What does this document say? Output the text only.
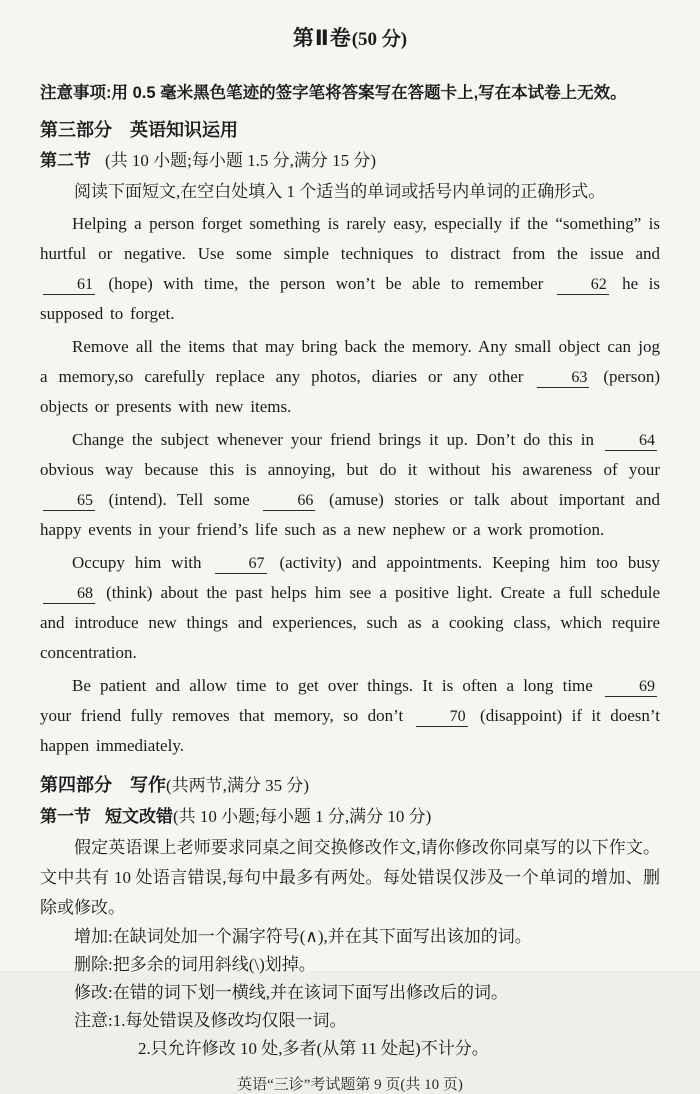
第Ⅱ卷(50 分)
注意事项:用 0.5 毫米黑色笔迹的签字笔将答案写在答题卡上,写在本试卷上无效。
第三部分 英语知识运用
第二节 (共 10 小题;每小题 1.5 分,满分 15 分)

阅读下面短文,在空白处填入 1 个适当的单词或括号内单词的正确形式。

Helping a person forget something is rarely easy, especially if the “something” is hurtful or negative. Use some simple techniques to distract from the issue and 61 (hope) with time, the person won’t be able to remember 62 he is supposed to forget.

Remove all the items that may bring back the memory. Any small object can jog a memory,so carefully replace any photos, diaries or any other 63 (person) objects or presents with new items.

Change the subject whenever your friend brings it up. Don’t do this in 64 obvious way because this is annoying, but do it without his awareness of your 65 (intend). Tell some 66 (amuse) stories or talk about important and happy events in your friend’s life such as a new nephew or a work promotion.

Occupy him with 67 (activity) and appointments. Keeping him too busy 68 (think) about the past helps him see a positive light. Create a full schedule and introduce new things and experiences, such as a cooking class, which require concentration.

Be patient and allow time to get over things. It is often a long time 69 your friend fully removes that memory, so don’t 70 (disappoint) if it doesn’t happen immediately.

第四部分 写作(共两节,满分 35 分)
第一节 短文改错(共 10 小题;每小题 1 分,满分 10 分)

假定英语课上老师要求同桌之间交换修改作文,请你修改你同桌写的以下作文。文中共有 10 处语言错误,每句中最多有两处。每处错误仅涉及一个单词的增加、删除或修改。

增加:在缺词处加一个漏字符号(∧),并在其下面写出该加的词。

删除:把多余的词用斜线(\)划掉。

修改:在错的词下划一横线,并在该词下面写出修改后的词。

注意:1.每处错误及修改均仅限一词。

2.只允许修改 10 处,多者(从第 11 处起)不计分。

英语“三诊”考试题第 9 页(共 10 页)
